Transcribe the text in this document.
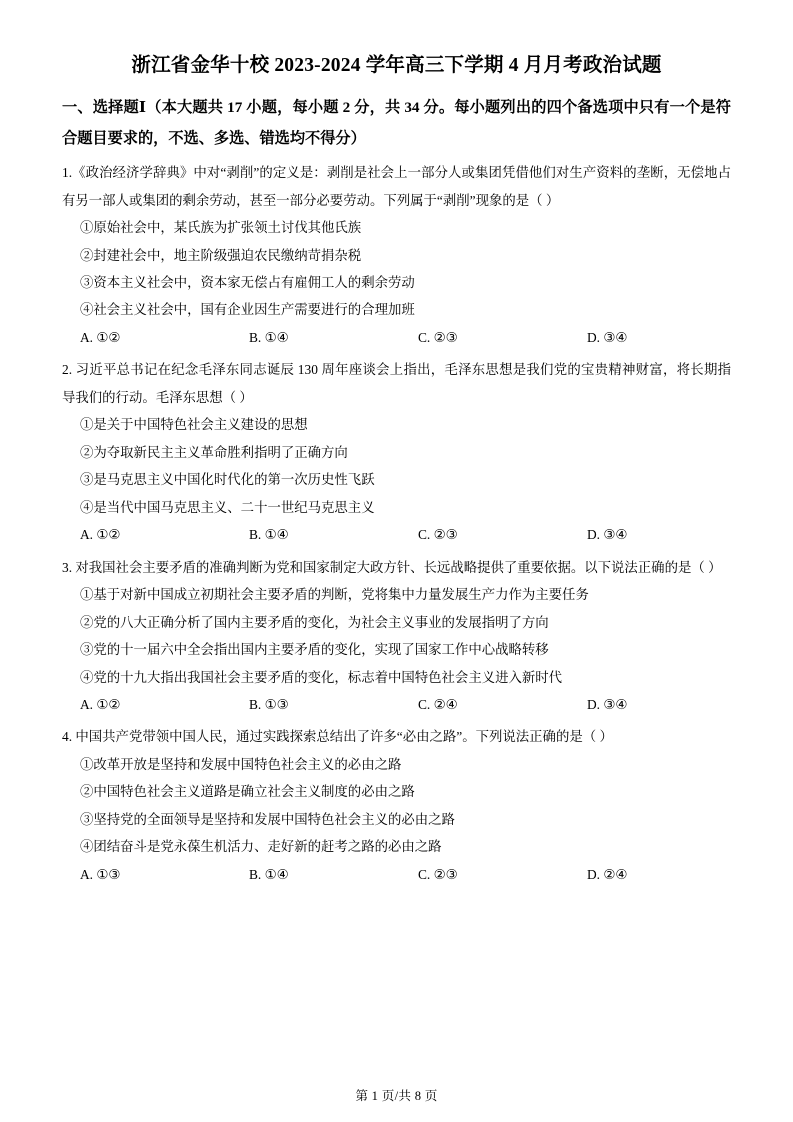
浙江省金华十校 2023-2024 学年高三下学期 4 月月考政治试题
一、选择题Ⅰ（本大题共 17 小题，每小题 2 分，共 34 分。每小题列出的四个备选项中只有一个是符合题目要求的，不选、多选、错选均不得分）
1.《政治经济学辞典》中对“剥削”的定义是：剥削是社会上一部分人或集团凭借他们对生产资料的垄断，无偿地占有另一部人或集团的剩余劳动，甚至一部分必要劳动。下列属于“剥削”现象的是（ ）
①原始社会中，某氏族为扩张领土讨伐其他氏族
②封建社会中，地主阶级强迫农民缴纳苛捐杂税
③资本主义社会中，资本家无偿占有雇佣工人的剩余劳动
④社会主义社会中，国有企业因生产需要进行的合理加班
A. ①②	B. ①④	C. ②③	D. ③④
2. 习近平总书记在纪念毛泽东同志诞辰 130 周年座谈会上指出，毛泽东思想是我们党的宝贵精神财富，将长期指导我们的行动。毛泽东思想（ ）
①是关于中国特色社会主义建设的思想
②为夺取新民主主义革命胜利指明了正确方向
③是马克思主义中国化时代化的第一次历史性飞跃
④是当代中国马克思主义、二十一世纪马克思主义
A. ①②	B. ①④	C. ②③	D. ③④
3. 对我国社会主要矛盾的准确判断为党和国家制定大政方针、长远战略提供了重要依据。以下说法正确的是（ ）
①基于对新中国成立初期社会主要矛盾的判断，党将集中力量发展生产力作为主要任务
②党的八大正确分析了国内主要矛盾的变化，为社会主义事业的发展指明了方向
③党的十一届六中全会指出国内主要矛盾的变化，实现了国家工作中心战略转移
④党的十九大指出我国社会主要矛盾的变化，标志着中国特色社会主义进入新时代
A. ①②	B. ①③	C. ②④	D. ③④
4. 中国共产党带领中国人民，通过实践探索总结出了许多“必由之路”。下列说法正确的是（ ）
①改革开放是坚持和发展中国特色社会主义的必由之路
②中国特色社会主义道路是确立社会主义制度的必由之路
③坚持党的全面领导是坚持和发展中国特色社会主义的必由之路
④团结奋斗是党永葆生机活力、走好新的赶考之路的必由之路
A. ①③	B. ①④	C. ②③	D. ②④
第 1 页/共 8 页
